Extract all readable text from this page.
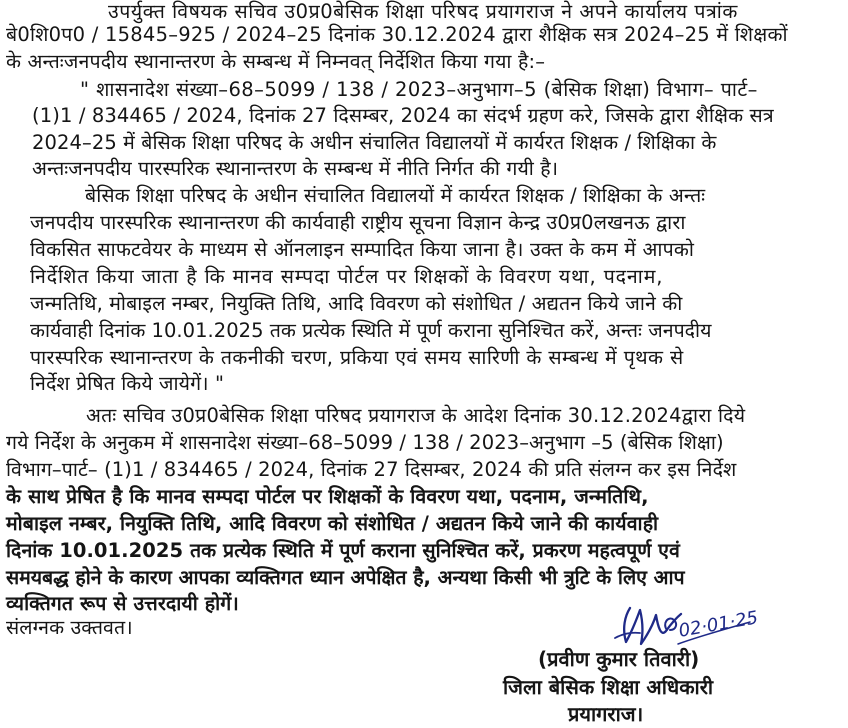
उपर्युक्त विषयक सचिव उ0प्र0बेसिक शिक्षा परिषद प्रयागराज ने अपने कार्यालय पत्रांक
बे0शि0प0 / 15845–925 / 2024–25 दिनांक 30.12.2024 द्वारा शैक्षिक सत्र 2024–25 में शिक्षकों
के अन्तःजनपदीय स्थानान्तरण के सम्बन्ध में निम्नवत् निर्देशित किया गया है:–
" शासनादेश संख्या–68–5099 / 138 / 2023–अनुभाग–5 (बेसिक शिक्षा) विभाग– पार्ट–
(1)1 / 834465 / 2024, दिनांक 27 दिसम्बर, 2024 का संदर्भ ग्रहण करे, जिसके द्वारा शैक्षिक सत्र
2024–25 में बेसिक शिक्षा परिषद के अधीन संचालित विद्यालयों में कार्यरत शिक्षक / शिक्षिका के
अन्तःजनपदीय पारस्परिक स्थानान्तरण के सम्बन्ध में नीति निर्गत की गयी है।
बेसिक शिक्षा परिषद के अधीन संचालित विद्यालयों में कार्यरत शिक्षक / शिक्षिका के अन्तः
जनपदीय पारस्परिक स्थानान्तरण की कार्यवाही राष्ट्रीय सूचना विज्ञान केन्द्र उ0प्र0लखनऊ द्वारा
विकसित साफटवेयर के माध्यम से ऑनलाइन सम्पादित किया जाना है। उक्त के कम में आपको
निर्देशित किया जाता है कि मानव सम्पदा पोर्टल पर शिक्षकों के विवरण यथा, पदनाम,
जन्मतिथि, मोबाइल नम्बर, नियुक्ति तिथि, आदि विवरण को संशोधित / अद्यतन किये जाने की
कार्यवाही दिनांक 10.01.2025 तक प्रत्येक स्थिति में पूर्ण कराना सुनिश्चित करें, अन्तः जनपदीय
पारस्परिक स्थानान्तरण के तकनीकी चरण, प्रकिया एवं समय सारिणी के सम्बन्ध में पृथक से
निर्देश प्रेषित किये जायेगें। "
अतः सचिव उ0प्र0बेसिक शिक्षा परिषद प्रयागराज के आदेश दिनांक 30.12.2024द्वारा दिये
गये निर्देश के अनुकम में शासनादेश संख्या–68–5099 / 138 / 2023–अनुभाग –5 (बेसिक शिक्षा)
विभाग–पार्ट– (1)1 / 834465 / 2024, दिनांक 27 दिसम्बर, 2024 की प्रति संलग्न कर इस निर्देश
के साथ प्रेषित है कि मानव सम्पदा पोर्टल पर शिक्षकों के विवरण यथा, पदनाम, जन्मतिथि,
मोबाइल नम्बर, नियुक्ति तिथि, आदि विवरण को संशोधित / अद्यतन किये जाने की कार्यवाही
दिनांक 10.01.2025 तक प्रत्येक स्थिति में पूर्ण कराना सुनिश्चित करें, प्रकरण महत्वपूर्ण एवं
समयबद्ध होने के कारण आपका व्यक्तिगत ध्यान अपेक्षित है, अन्यथा किसी भी त्रुटि के लिए आप
व्यक्तिगत रूप से उत्तरदायी होगें।
संलग्नक उक्तवत।	02·01·25
(प्रवीण कुमार तिवारी)
जिला बेसिक शिक्षा अधिकारी
प्रयागराज।
